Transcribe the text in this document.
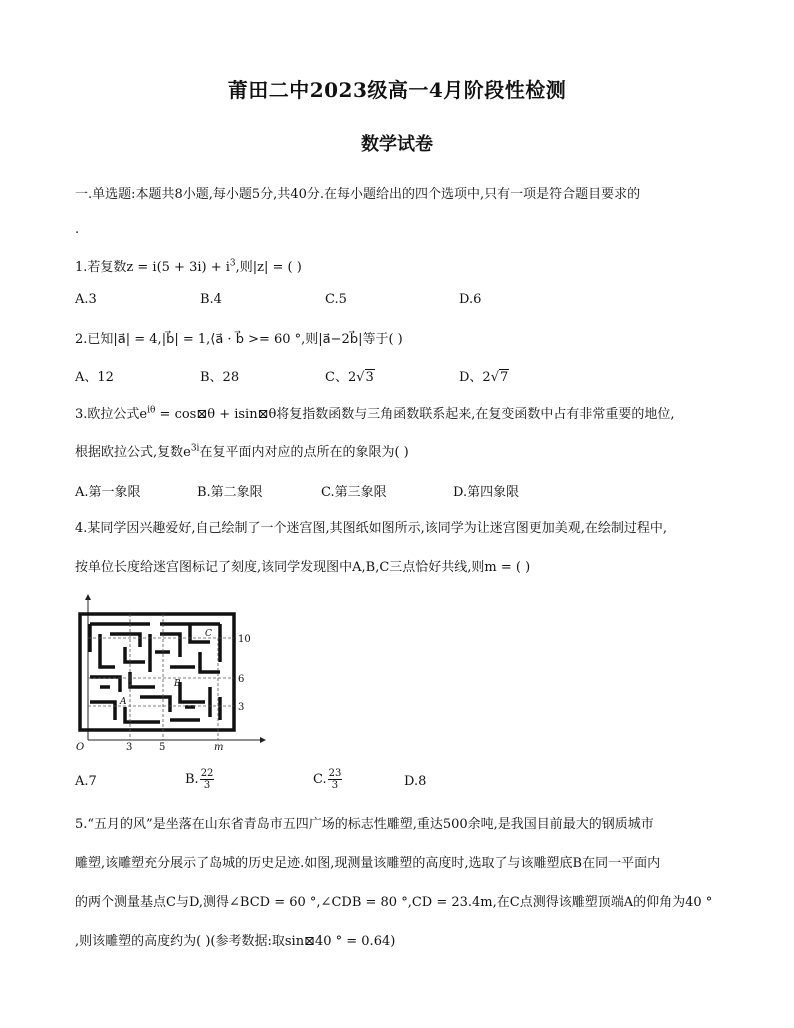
莆田二中2023级高一4月阶段性检测
数学试卷
一.单选题:本题共8小题,每小题5分,共40分.在每小题给出的四个选项中,只有一项是符合题目要求的
.
1.若复数$z = i(5 + 3i) + i^3$,则|z| = ( )
A.3	B.4	C.5	D.6
2.已知|a⃗| = 4,|b⃗| = 1,⟨a⃗ · b⃗ >= 60 °,则|a⃗−2b⃗|等于( )
A、12	B、28	C、2√3	D、2√7
3.欧拉公式$e^{i\theta}$ = cos⊠θ + isin⊠θ将复指数函数与三角函数联系起来,在复变函数中占有非常重要的地位,
根据欧拉公式,复数$e^{3i}$在复平面内对应的点所在的象限为( )
A.第一象限	B.第二象限	C.第三象限	D.第四象限
4.某同学因兴趣爱好,自己绘制了一个迷宫图,其图纸如图所示,该同学为让迷宫图更加美观,在绘制过程中,
按单位长度给迷宫图标记了刻度,该同学发现图中A,B,C三点恰好共线,则m = ( )
O	3	5	m
10
6
3
A
B
C
A.7	B. $\frac{22}{3}$	C. $\frac{23}{3}$	D.8
5.“五月的风”是坐落在山东省青岛市五四广场的标志性雕塑,重达500余吨,是我国目前最大的钢质城市
雕塑,该雕塑充分展示了岛城的历史足迹.如图,现测量该雕塑的高度时,选取了与该雕塑底B在同一平面内
的两个测量基点C与D,测得∠BCD = 60 °,∠CDB = 80 °,CD = 23.4m,在C点测得该雕塑顶端A的仰角为40 °
,则该雕塑的高度约为( )(参考数据:取sin⊠40 ° = 0.64)
